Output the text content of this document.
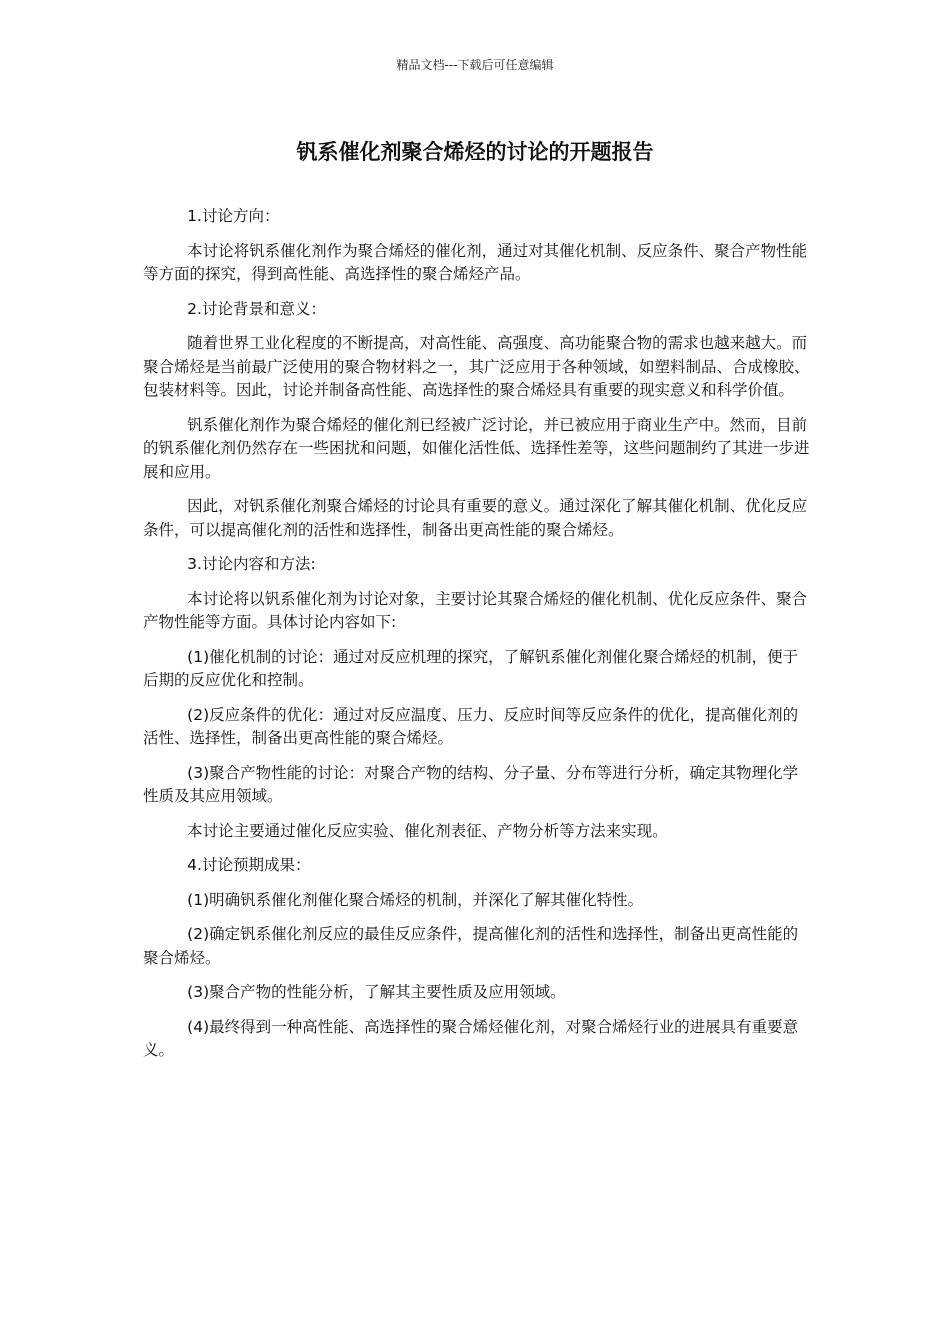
精品文档---下载后可任意编辑
钒系催化剂聚合烯烃的讨论的开题报告

1.讨论方向：

本讨论将钒系催化剂作为聚合烯烃的催化剂，通过对其催化机制、反应条件、聚合产物性能等方面的探究，得到高性能、高选择性的聚合烯烃产品。

2.讨论背景和意义：

随着世界工业化程度的不断提高，对高性能、高强度、高功能聚合物的需求也越来越大。而聚合烯烃是当前最广泛使用的聚合物材料之一，其广泛应用于各种领域，如塑料制品、合成橡胶、包装材料等。因此，讨论并制备高性能、高选择性的聚合烯烃具有重要的现实意义和科学价值。

钒系催化剂作为聚合烯烃的催化剂已经被广泛讨论，并已被应用于商业生产中。然而，目前的钒系催化剂仍然存在一些困扰和问题，如催化活性低、选择性差等，这些问题制约了其进一步进展和应用。

因此，对钒系催化剂聚合烯烃的讨论具有重要的意义。通过深化了解其催化机制、优化反应条件，可以提高催化剂的活性和选择性，制备出更高性能的聚合烯烃。

3.讨论内容和方法:

本讨论将以钒系催化剂为讨论对象，主要讨论其聚合烯烃的催化机制、优化反应条件、聚合产物性能等方面。具体讨论内容如下:

(1)催化机制的讨论：通过对反应机理的探究，了解钒系催化剂催化聚合烯烃的机制，便于后期的反应优化和控制。

(2)反应条件的优化：通过对反应温度、压力、反应时间等反应条件的优化，提高催化剂的活性、选择性，制备出更高性能的聚合烯烃。

(3)聚合产物性能的讨论：对聚合产物的结构、分子量、分布等进行分析，确定其物理化学性质及其应用领域。

本讨论主要通过催化反应实验、催化剂表征、产物分析等方法来实现。

4.讨论预期成果：

(1)明确钒系催化剂催化聚合烯烃的机制，并深化了解其催化特性。

(2)确定钒系催化剂反应的最佳反应条件，提高催化剂的活性和选择性，制备出更高性能的聚合烯烃。

(3)聚合产物的性能分析，了解其主要性质及应用领域。

(4)最终得到一种高性能、高选择性的聚合烯烃催化剂，对聚合烯烃行业的进展具有重要意义。
